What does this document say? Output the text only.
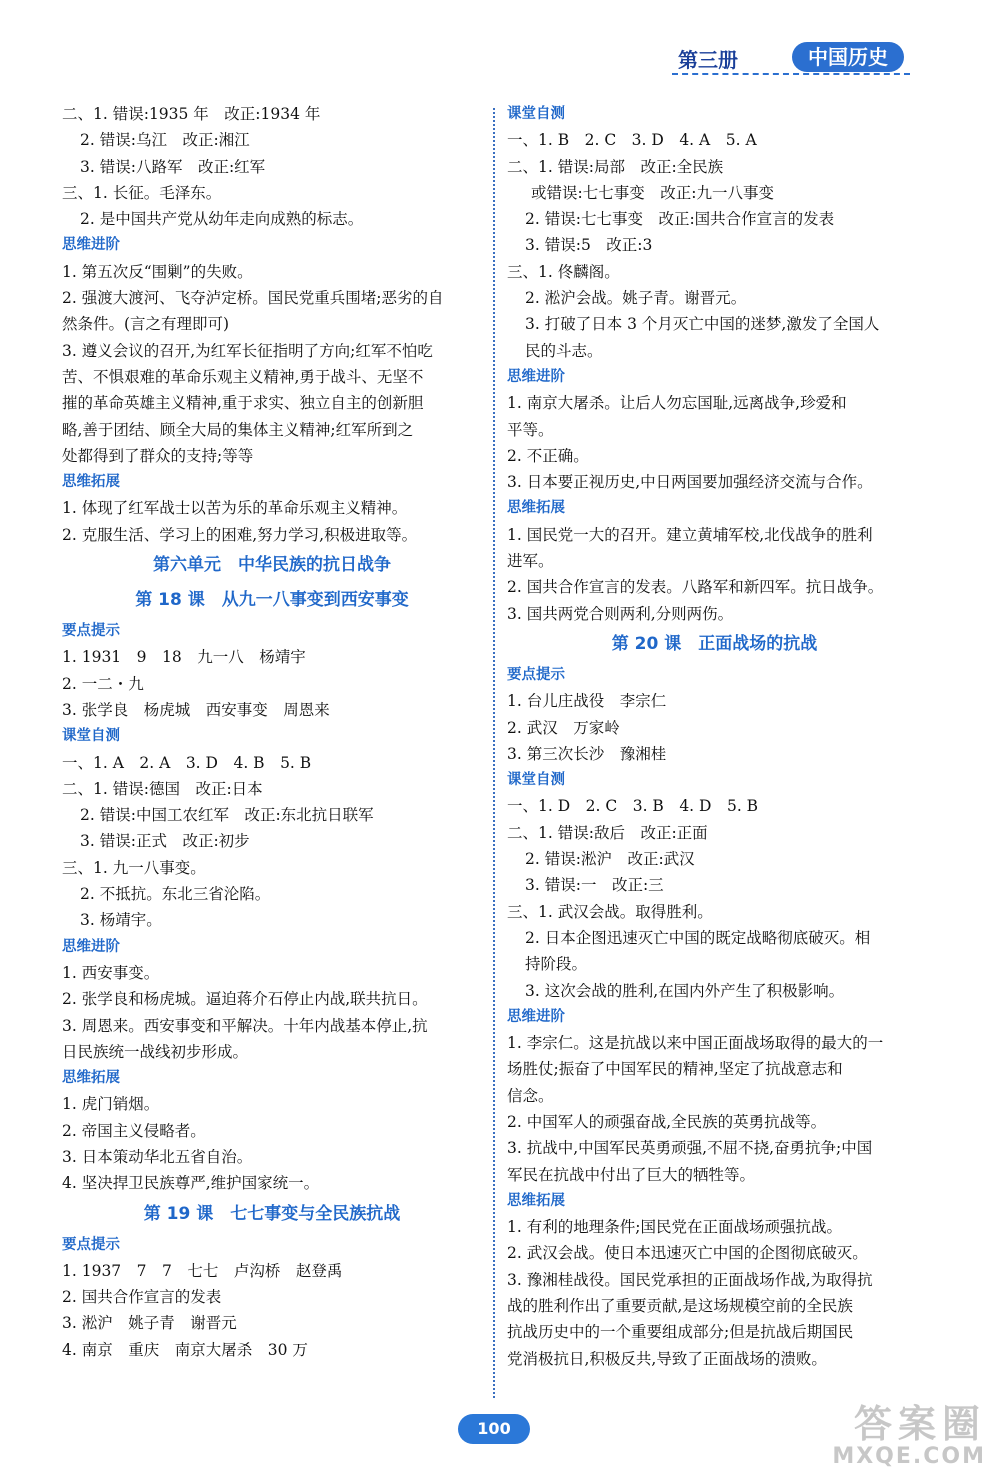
第三册	中国历史
二、1. 错误:1935 年　改正:1934 年
2. 错误:乌江　改正:湘江
3. 错误:八路军　改正:红军
三、1. 长征。毛泽东。
2. 是中国共产党从幼年走向成熟的标志。
思维进阶
1. 第五次反“围剿”的失败。
2. 强渡大渡河、飞夺泸定桥。国民党重兵围堵;恶劣的自
然条件。(言之有理即可)
3. 遵义会议的召开,为红军长征指明了方向;红军不怕吃
苦、不惧艰难的革命乐观主义精神,勇于战斗、无坚不
摧的革命英雄主义精神,重于求实、独立自主的创新胆
略,善于团结、顾全大局的集体主义精神;红军所到之
处都得到了群众的支持;等等
思维拓展
1. 体现了红军战士以苦为乐的革命乐观主义精神。
2. 克服生活、学习上的困难,努力学习,积极进取等。
第六单元　中华民族的抗日战争
第 18 课　从九一八事变到西安事变
要点提示
1. 1931　9　18　九一八　杨靖宇
2. 一二・九
3. 张学良　杨虎城　西安事变　周恩来
课堂自测
一、1. A　2. A　3. D　4. B　5. B
二、1. 错误:德国　改正:日本
2. 错误:中国工农红军　改正:东北抗日联军
3. 错误:正式　改正:初步
三、1. 九一八事变。
2. 不抵抗。东北三省沦陷。
3. 杨靖宇。
思维进阶
1. 西安事变。
2. 张学良和杨虎城。逼迫蒋介石停止内战,联共抗日。
3. 周恩来。西安事变和平解决。十年内战基本停止,抗
日民族统一战线初步形成。
思维拓展
1. 虎门销烟。
2. 帝国主义侵略者。
3. 日本策动华北五省自治。
4. 坚决捍卫民族尊严,维护国家统一。
第 19 课　七七事变与全民族抗战
要点提示
1. 1937　7　7　七七　卢沟桥　赵登禹
2. 国共合作宣言的发表
3. 淞沪　姚子青　谢晋元
4. 南京　重庆　南京大屠杀　30 万
课堂自测
一、1. B　2. C　3. D　4. A　5. A
二、1. 错误:局部　改正:全民族
或错误:七七事变　改正:九一八事变
2. 错误:七七事变　改正:国共合作宣言的发表
3. 错误:5　改正:3
三、1. 佟麟阁。
2. 淞沪会战。姚子青。谢晋元。
3. 打破了日本 3 个月灭亡中国的迷梦,激发了全国人
民的斗志。
思维进阶
1. 南京大屠杀。让后人勿忘国耻,远离战争,珍爱和
平等。
2. 不正确。
3. 日本要正视历史,中日两国要加强经济交流与合作。
思维拓展
1. 国民党一大的召开。建立黄埔军校,北伐战争的胜利
进军。
2. 国共合作宣言的发表。八路军和新四军。抗日战争。
3. 国共两党合则两利,分则两伤。
第 20 课　正面战场的抗战
要点提示
1. 台儿庄战役　李宗仁
2. 武汉　万家岭
3. 第三次长沙　豫湘桂
课堂自测
一、1. D　2. C　3. B　4. D　5. B
二、1. 错误:敌后　改正:正面
2. 错误:淞沪　改正:武汉
3. 错误:一　改正:三
三、1. 武汉会战。取得胜利。
2. 日本企图迅速灭亡中国的既定战略彻底破灭。相
持阶段。
3. 这次会战的胜利,在国内外产生了积极影响。
思维进阶
1. 李宗仁。这是抗战以来中国正面战场取得的最大的一
场胜仗;振奋了中国军民的精神,坚定了抗战意志和
信念。
2. 中国军人的顽强奋战,全民族的英勇抗战等。
3. 抗战中,中国军民英勇顽强,不屈不挠,奋勇抗争;中国
军民在抗战中付出了巨大的牺牲等。
思维拓展
1. 有利的地理条件;国民党在正面战场顽强抗战。
2. 武汉会战。使日本迅速灭亡中国的企图彻底破灭。
3. 豫湘桂战役。国民党承担的正面战场作战,为取得抗
战的胜利作出了重要贡献,是这场规模空前的全民族
抗战历史中的一个重要组成部分;但是抗战后期国民
党消极抗日,积极反共,导致了正面战场的溃败。
100	答案圈
MXQE.COM
